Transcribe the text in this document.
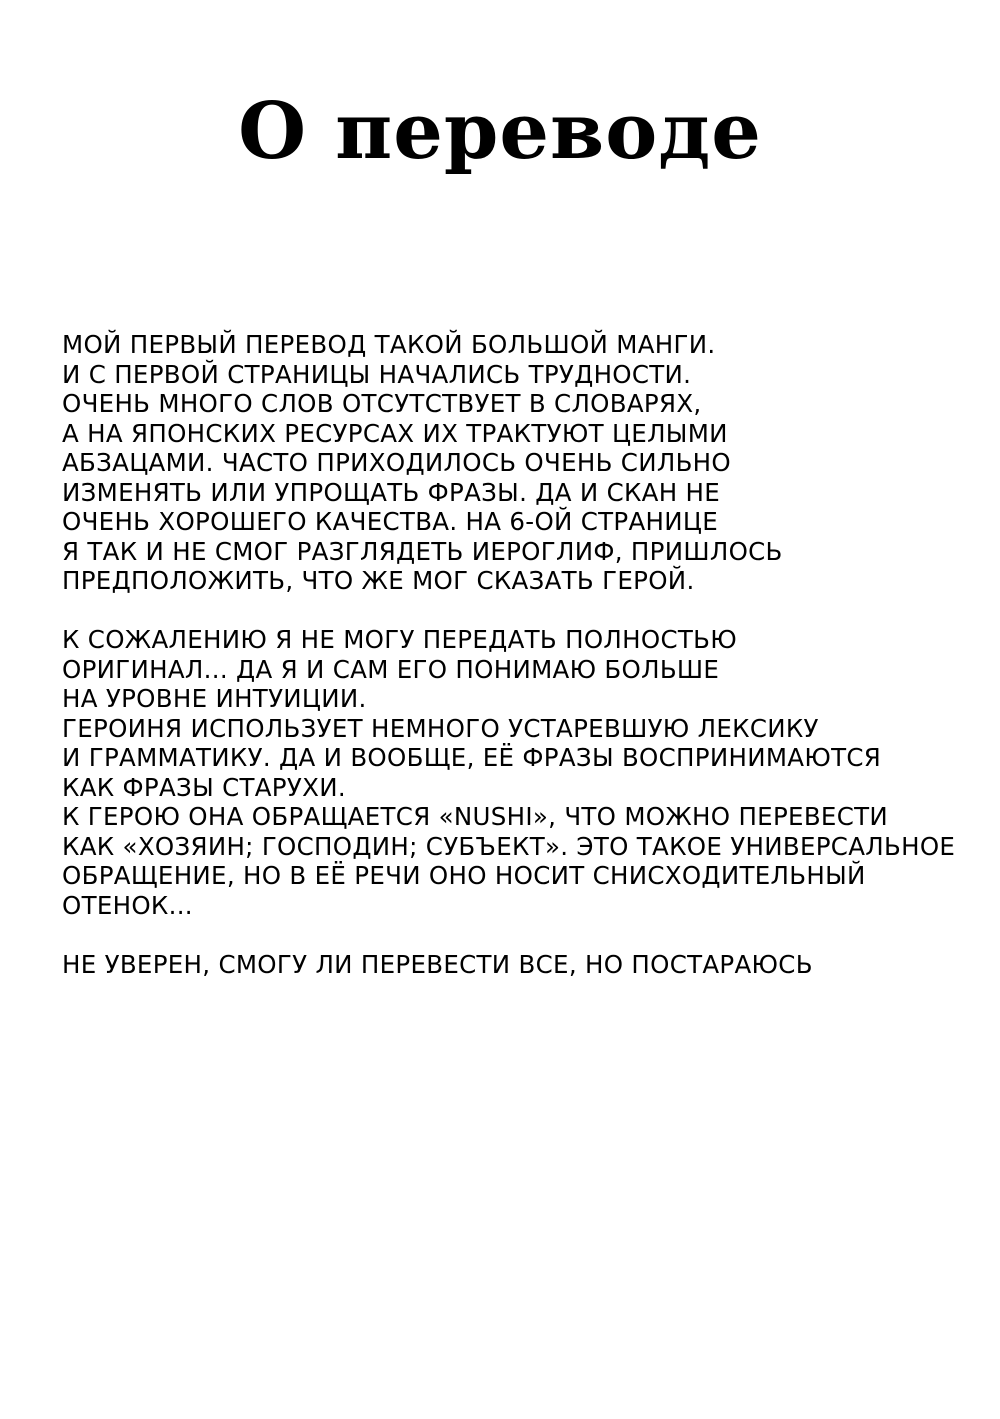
О переводе
МОЙ ПЕРВЫЙ ПЕРЕВОД ТАКОЙ БОЛЬШОЙ МАНГИ.
И С ПЕРВОЙ СТРАНИЦЫ НАЧАЛИСЬ ТРУДНОСТИ.
ОЧЕНЬ МНОГО СЛОВ ОТСУТСТВУЕТ В СЛОВАРЯХ,
А НА ЯПОНСКИХ РЕСУРСАХ ИХ ТРАКТУЮТ ЦЕЛЫМИ
АБЗАЦАМИ. ЧАСТО ПРИХОДИЛОСЬ ОЧЕНЬ СИЛЬНО
ИЗМЕНЯТЬ ИЛИ УПРОЩАТЬ ФРАЗЫ. ДА И СКАН НЕ
ОЧЕНЬ ХОРОШЕГО КАЧЕСТВА. НА 6-ОЙ СТРАНИЦЕ
Я ТАК И НЕ СМОГ РАЗГЛЯДЕТЬ ИЕРОГЛИФ, ПРИШЛОСЬ
ПРЕДПОЛОЖИТЬ, ЧТО ЖЕ МОГ СКАЗАТЬ ГЕРОЙ.
К СОЖАЛЕНИЮ Я НЕ МОГУ ПЕРЕДАТЬ ПОЛНОСТЬЮ
ОРИГИНАЛ... ДА Я И САМ ЕГО ПОНИМАЮ БОЛЬШЕ
НА УРОВНЕ ИНТУИЦИИ.
ГЕРОИНЯ ИСПОЛЬЗУЕТ НЕМНОГО УСТАРЕВШУЮ ЛЕКСИКУ
И ГРАММАТИКУ. ДА И ВООБЩЕ, ЕЁ ФРАЗЫ ВОСПРИНИМАЮТСЯ
КАК ФРАЗЫ СТАРУХИ.
К ГЕРОЮ ОНА ОБРАЩАЕТСЯ «NUSHI», ЧТО МОЖНО ПЕРЕВЕСТИ
КАК «ХОЗЯИН; ГОСПОДИН; СУБЪЕКТ». ЭТО ТАКОЕ УНИВЕРСАЛЬНОЕ
ОБРАЩЕНИЕ, НО В ЕЁ РЕЧИ ОНО НОСИТ СНИСХОДИТЕЛЬНЫЙ
ОТЕНОК...
НЕ УВЕРЕН, СМОГУ ЛИ ПЕРЕВЕСТИ ВСЕ, НО ПОСТАРАЮСЬ
